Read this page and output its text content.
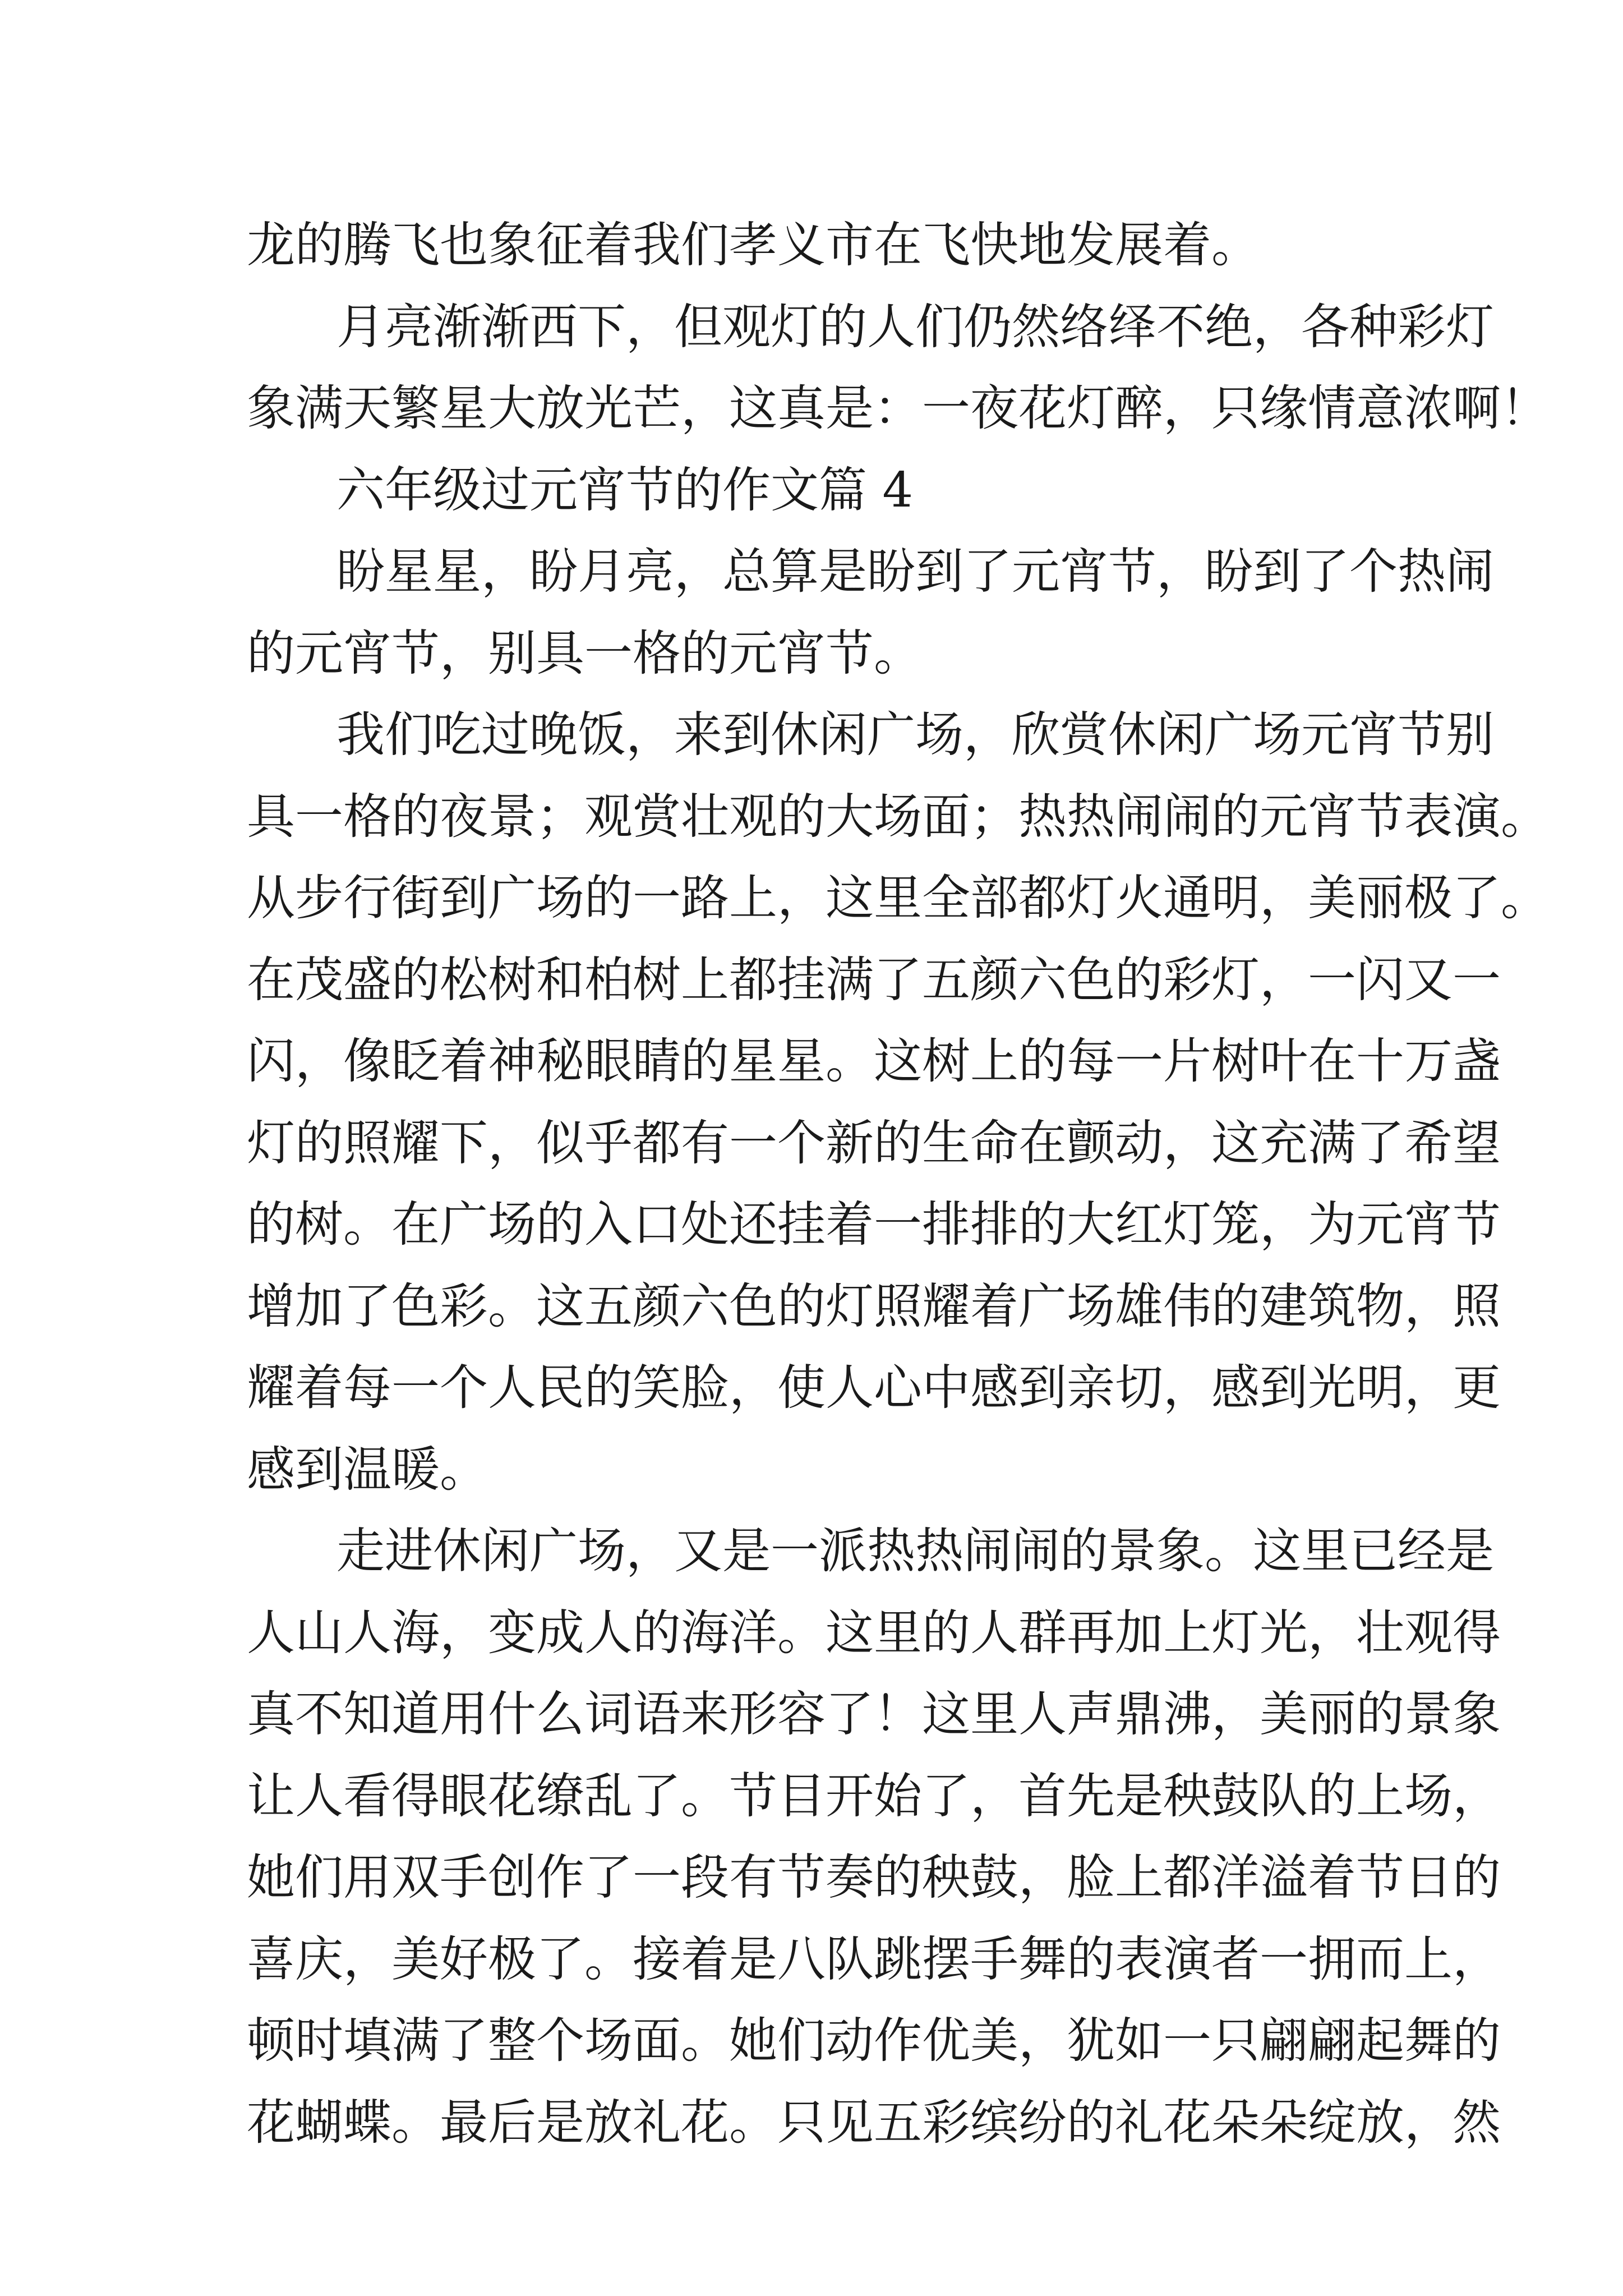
龙的腾飞也象征着我们孝义市在飞快地发展着。
月亮渐渐西下，但观灯的人们仍然络绎不绝，各种彩灯
象满天繁星大放光芒，这真是：一夜花灯醉，只缘情意浓啊！
六年级过元宵节的作文篇 4
盼星星，盼月亮，总算是盼到了元宵节，盼到了个热闹
的元宵节，别具一格的元宵节。
我们吃过晚饭，来到休闲广场，欣赏休闲广场元宵节别
具一格的夜景；观赏壮观的大场面；热热闹闹的元宵节表演。
从步行街到广场的一路上，这里全部都灯火通明，美丽极了。
在茂盛的松树和柏树上都挂满了五颜六色的彩灯，一闪又一
闪，像眨着神秘眼睛的星星。这树上的每一片树叶在十万盏
灯的照耀下，似乎都有一个新的生命在颤动，这充满了希望
的树。在广场的入口处还挂着一排排的大红灯笼，为元宵节
增加了色彩。这五颜六色的灯照耀着广场雄伟的建筑物，照
耀着每一个人民的笑脸，使人心中感到亲切，感到光明，更
感到温暖。
走进休闲广场，又是一派热热闹闹的景象。这里已经是
人山人海，变成人的海洋。这里的人群再加上灯光，壮观得
真不知道用什么词语来形容了！这里人声鼎沸，美丽的景象
让人看得眼花缭乱了。节目开始了，首先是秧鼓队的上场，
她们用双手创作了一段有节奏的秧鼓，脸上都洋溢着节日的
喜庆，美好极了。接着是八队跳摆手舞的表演者一拥而上，
顿时填满了整个场面。她们动作优美，犹如一只翩翩起舞的
花蝴蝶。最后是放礼花。只见五彩缤纷的礼花朵朵绽放，然
